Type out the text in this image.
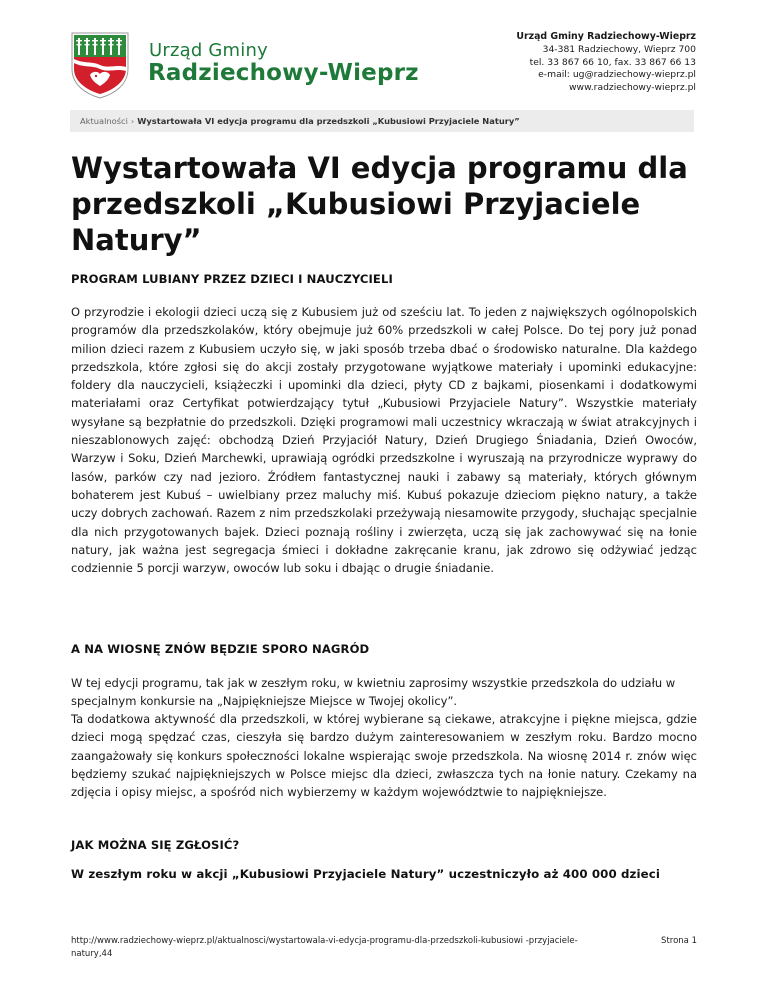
Urząd Gminy
Radziechowy-Wieprz
Urząd Gminy Radziechowy-Wieprz
34-381 Radziechowy, Wieprz 700
tel. 33 867 66 10, fax. 33 867 66 13
e-mail: ug@radziechowy-wieprz.pl
www.radziechowy-wieprz.pl
Aktualności › Wystartowała VI edycja programu dla przedszkoli „Kubusiowi Przyjaciele Natury”
Wystartowała VI edycja programu dla przedszkoli „Kubusiowi Przyjaciele Natury”
PROGRAM LUBIANY PRZEZ DZIECI I NAUCZYCIELI

O przyrodzie i ekologii dzieci uczą się z Kubusiem już od sześciu lat. To jeden z największych ogólnopolskich programów dla przedszkolaków, który obejmuje już 60% przedszkoli w całej Polsce. Do tej pory już ponad milion dzieci razem z Kubusiem uczyło się, w jaki sposób trzeba dbać o środowisko naturalne. Dla każdego przedszkola, które zgłosi się do akcji zostały przygotowane wyjątkowe materiały i upominki edukacyjne: foldery dla nauczycieli, książeczki i upominki dla dzieci, płyty CD z bajkami, piosenkami i dodatkowymi materiałami oraz Certyfikat potwierdzający tytuł „Kubusiowi Przyjaciele Natury”. Wszystkie materiały wysyłane są bezpłatnie do przedszkoli. Dzięki programowi mali uczestnicy wkraczają w świat atrakcyjnych i nieszablonowych zajęć: obchodzą Dzień Przyjaciół Natury, Dzień Drugiego Śniadania, Dzień Owoców, Warzyw i Soku, Dzień Marchewki, uprawiają ogródki przedszkolne i wyruszają na przyrodnicze wyprawy do lasów, parków czy nad jezioro. Źródłem fantastycznej nauki i zabawy są materiały, których głównym bohaterem jest Kubuś – uwielbiany przez maluchy miś. Kubuś pokazuje dzieciom piękno natury, a także uczy dobrych zachowań. Razem z nim przedszkolaki przeżywają niesamowite przygody, słuchając specjalnie dla nich przygotowanych bajek. Dzieci poznają rośliny i zwierzęta, uczą się jak zachowywać się na łonie natury, jak ważna jest segregacja śmieci i dokładne zakręcanie kranu, jak zdrowo się odżywiać jedząc codziennie 5 porcji warzyw, owoców lub soku i dbając o drugie śniadanie.

A NA WIOSNĘ ZNÓW BĘDZIE SPORO NAGRÓD

W tej edycji programu, tak jak w zeszłym roku, w kwietniu zaprosimy wszystkie przedszkola do udziału w specjalnym konkursie na „Najpiękniejsze Miejsce w Twojej okolicy”.

Ta dodatkowa aktywność dla przedszkoli, w której wybierane są ciekawe, atrakcyjne i piękne miejsca, gdzie dzieci mogą spędzać czas, cieszyła się bardzo dużym zainteresowaniem w zeszłym roku. Bardzo mocno zaangażowały się konkurs społeczności lokalne wspierając swoje przedszkola. Na wiosnę 2014 r. znów więc będziemy szukać najpiękniejszych w Polsce miejsc dla dzieci, zwłaszcza tych na łonie natury. Czekamy na zdjęcia i opisy miejsc, a spośród nich wybierzemy w każdym województwie to najpiękniejsze.

JAK MOŻNA SIĘ ZGŁOSIĆ?

W zeszłym roku w akcji „Kubusiowi Przyjaciele Natury” uczestniczyło aż 400 000 dzieci

http://www.radziechowy-wieprz.pl/aktualnosci/wystartowala-vi-edycja-programu-dla-przedszkoli-kubusiowi -przyjaciele-natury,44
Strona 1
